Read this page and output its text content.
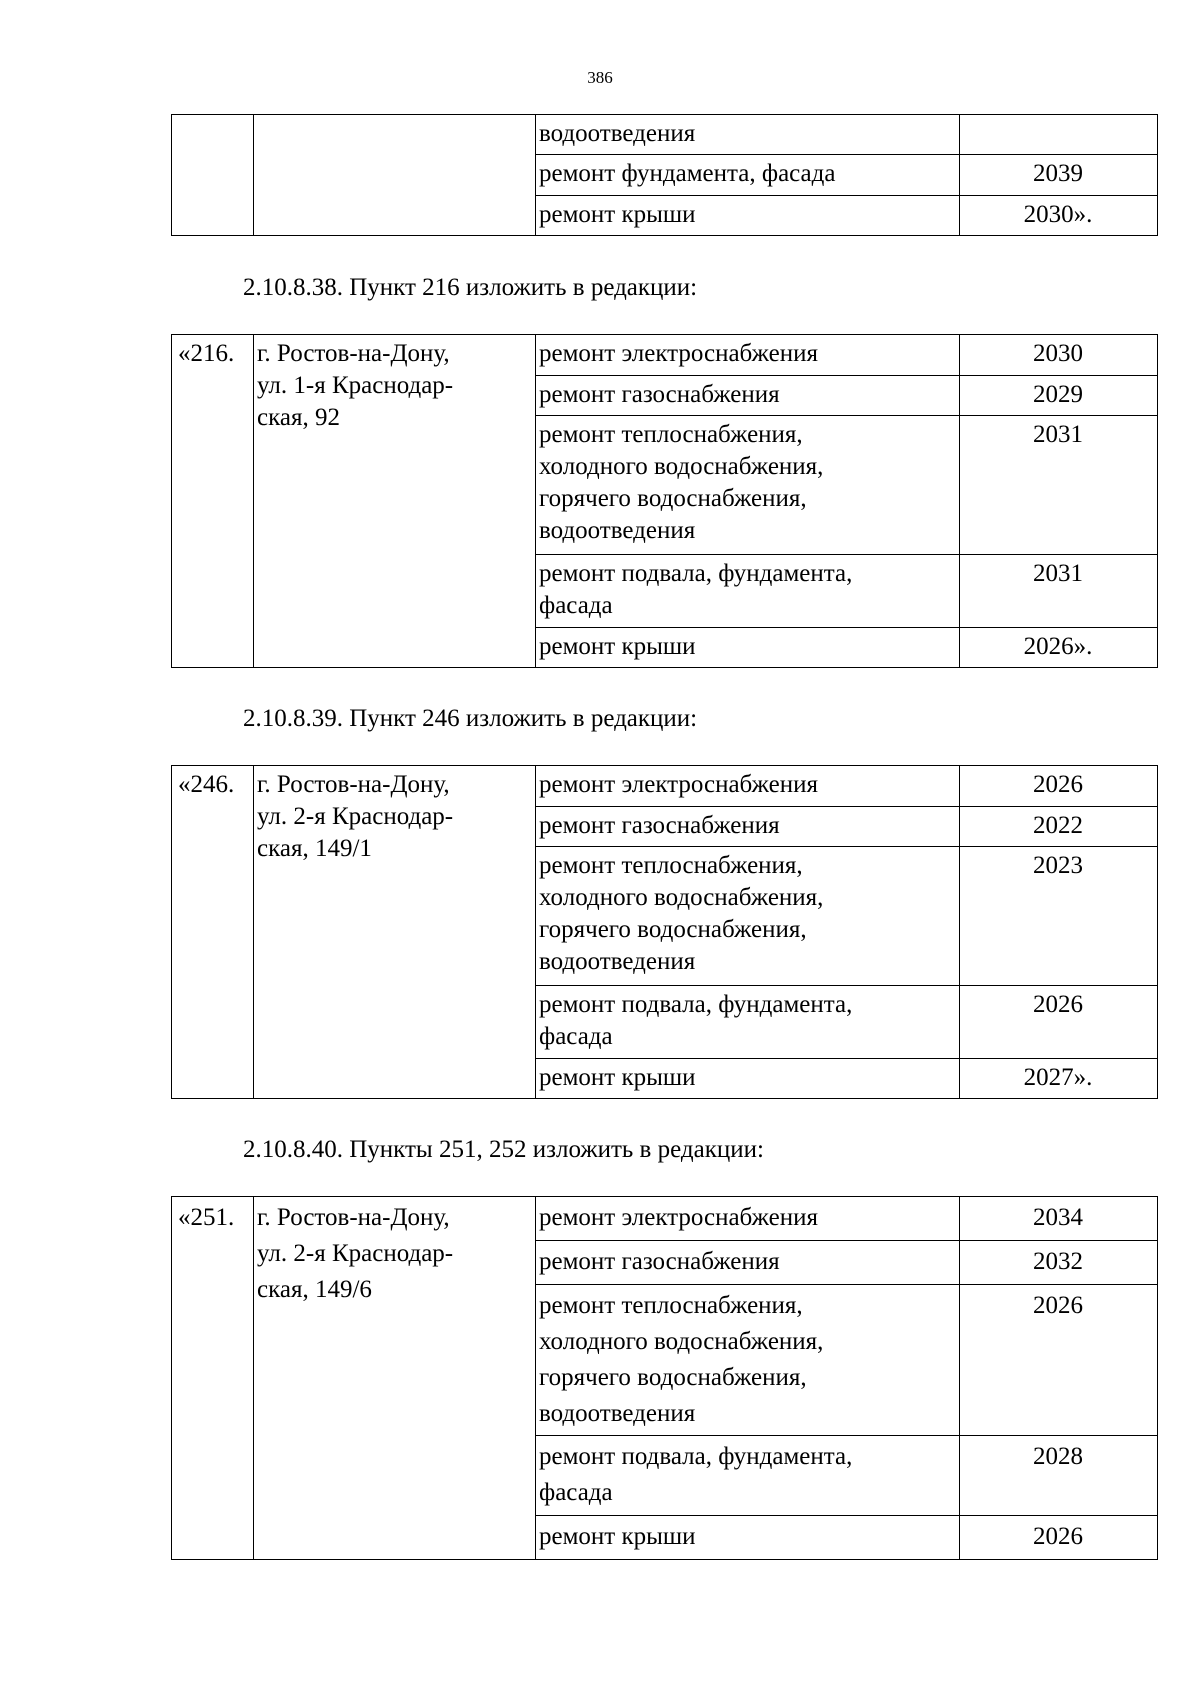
386
		водоотведения	
		ремонт фундамента, фасада	2039
		ремонт крыши	2030».
2.10.8.38. Пункт 216 изложить в редакции:
«216.	г. Ростов-на-Дону,
ул. 1-я Краснодар-
ская, 92	ремонт электроснабжения	2030
		ремонт газоснабжения	2029
		ремонт теплоснабжения,
холодного водоснабжения,
горячего водоснабжения,
водоотведения	2031
		ремонт подвала, фундамента,
фасада	2031
		ремонт крыши	2026».
2.10.8.39. Пункт 246 изложить в редакции:
«246.	г. Ростов-на-Дону,
ул. 2-я Краснодар-
ская, 149/1	ремонт электроснабжения	2026
		ремонт газоснабжения	2022
		ремонт теплоснабжения,
холодного водоснабжения,
горячего водоснабжения,
водоотведения	2023
		ремонт подвала, фундамента,
фасада	2026
		ремонт крыши	2027».
2.10.8.40. Пункты 251, 252 изложить в редакции:
«251.	г. Ростов-на-Дону,
ул. 2-я Краснодар-
ская, 149/6	ремонт электроснабжения	2034
		ремонт газоснабжения	2032
		ремонт теплоснабжения,
холодного водоснабжения,
горячего водоснабжения,
водоотведения	2026
		ремонт подвала, фундамента,
фасада	2028
		ремонт крыши	2026
